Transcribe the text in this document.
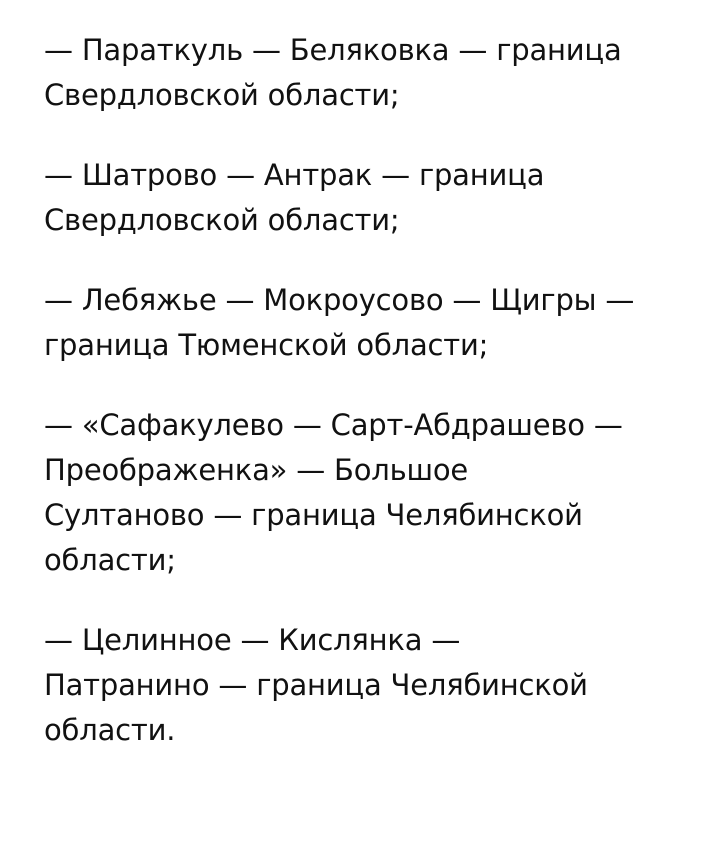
— Параткуль — Беляковка — граница
Свердловской области;
— Шатрово — Антрак — граница
Свердловской области;
— Лебяжье — Мокроусово — Щигры —
граница Тюменской области;
— «Сафакулево — Сарт-Абдрашево —
Преображенка» — Большое
Султаново — граница Челябинской
области;
— Целинное — Кислянка —
Патранино — граница Челябинской
области.
